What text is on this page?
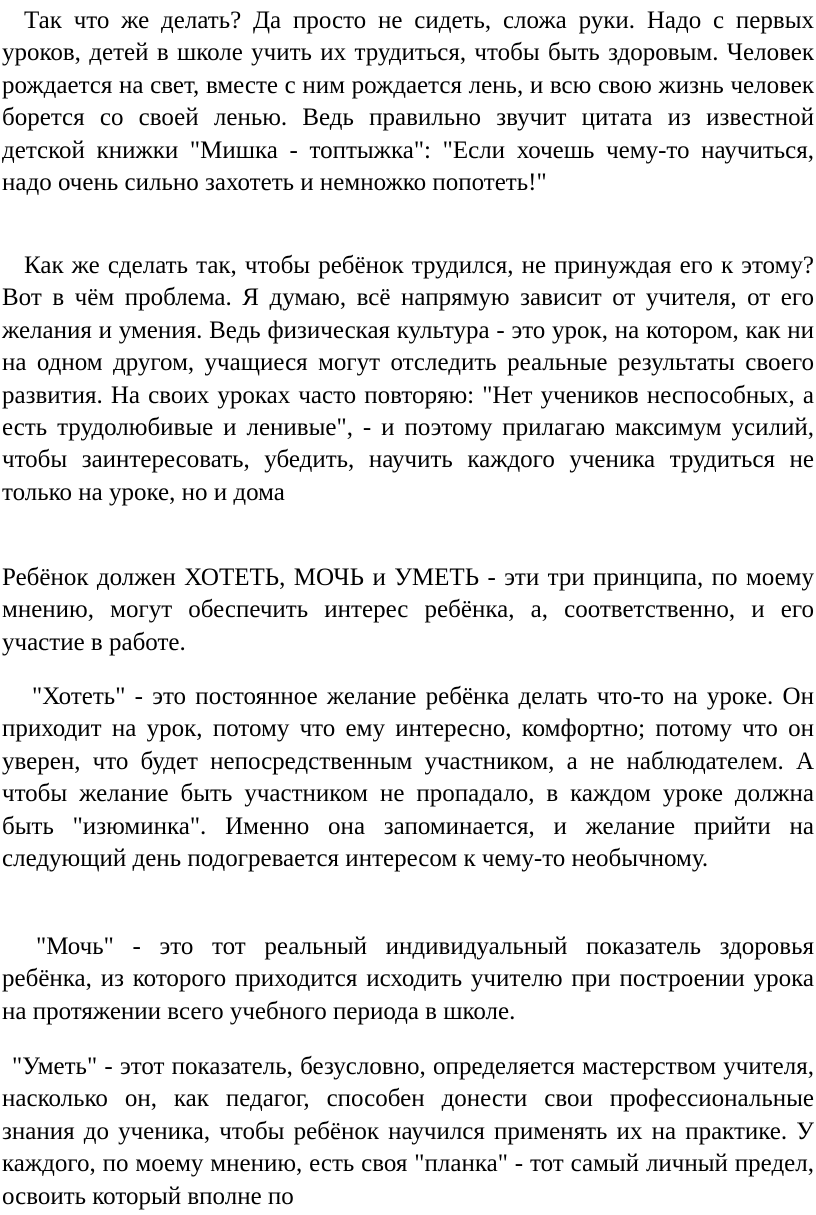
Так что же делать? Да просто не сидеть, сложа руки. Надо с первых уроков, детей в школе учить их трудиться, чтобы быть здоровым. Человек рождается на свет, вместе с ним рождается лень, и всю свою жизнь человек борется со своей ленью. Ведь правильно звучит цитата из известной детской книжки "Мишка - топтыжка": "Если хочешь чему-то научиться, надо очень сильно захотеть и немножко попотеть!"

Как же сделать так, чтобы ребёнок трудился, не принуждая его к этому? Вот в чём проблема. Я думаю, всё напрямую зависит от учителя, от его желания и умения. Ведь физическая культура - это урок, на котором, как ни на одном другом, учащиеся могут отследить реальные результаты своего развития. На своих уроках часто повторяю: "Нет учеников неспособных, а есть трудолюбивые и ленивые", - и поэтому прилагаю максимум усилий, чтобы заинтересовать, убедить, научить каждого ученика трудиться не только на уроке, но и дома

Ребёнок должен ХОТЕТЬ, МОЧЬ и УМЕТЬ - эти три принципа, по моему мнению, могут обеспечить интерес ребёнка, а, соответственно, и его участие в работе.

"Хотеть" - это постоянное желание ребёнка делать что-то на уроке. Он приходит на урок, потому что ему интересно, комфортно; потому что он уверен, что будет непосредственным участником, а не наблюдателем. А чтобы желание быть участником не пропадало, в каждом уроке должна быть "изюминка". Именно она запоминается, и желание прийти на следующий день подогревается интересом к чему-то необычному.

"Мочь" - это тот реальный индивидуальный показатель здоровья ребёнка, из которого приходится исходить учителю при построении урока на протяжении всего учебного периода в школе.

"Уметь" - этот показатель, безусловно, определяется мастерством учителя, насколько он, как педагог, способен донести свои профессиональные знания до ученика, чтобы ребёнок научился применять их на практике. У каждого, по моему мнению, есть своя "планка" - тот самый личный предел, освоить который вполне по
